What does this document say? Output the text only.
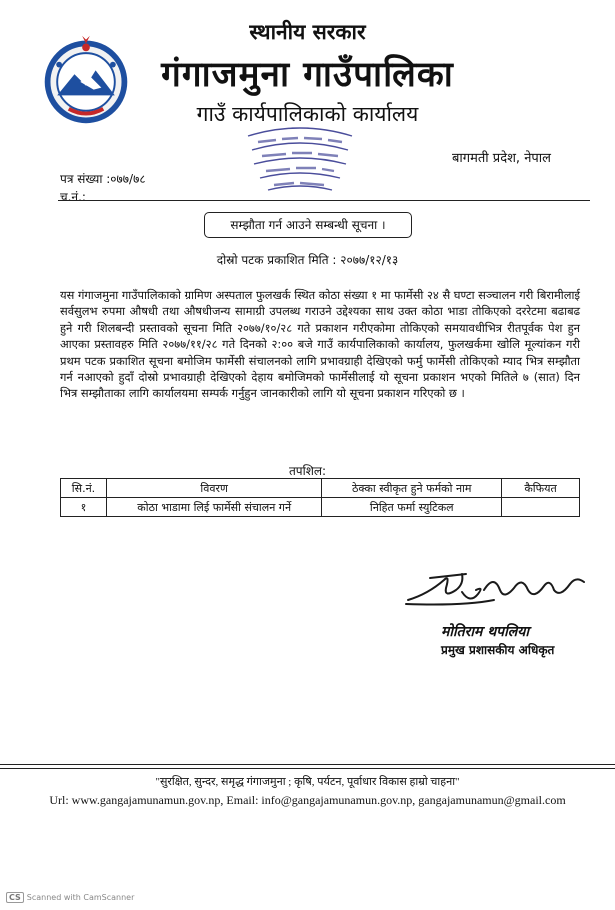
स्थानीय सरकार
गंगाजमुना गाउँपालिका
गाउँ कार्यपालिकाको कार्यालय
बागमती प्रदेश, नेपाल
पत्र संख्या :०७७/७८
च.नं.:
सम्झौता गर्न आउने सम्बन्धी सूचना ।
दोस्रो पटक प्रकाशित मिति : २०७७/१२/१३
यस गंगाजमुना गाउँपालिकाको ग्रामिण अस्पताल फुलखर्क स्थित कोठा संख्या १ मा फार्मेसी २४ सै घण्टा सञ्चालन गरी बिरामीलाई सर्वसुलभ रुपमा औषधी तथा औषधीजन्य सामाग्री उपलब्ध गराउने उद्देश्यका साथ उक्त कोठा भाडा तोकिएको दररेटमा बढाबढ हुने गरी शिलबन्दी प्रस्तावको सूचना मिति २०७७/१०/२८ गते प्रकाशन गरीएकोमा तोकिएको समयावधीभित्र रीतपूर्वक पेश हुन आएका प्रस्तावहरु मिति २०७७/११/२८ गते दिनको २:०० बजे गाउँ कार्यपालिकाको कार्यालय, फुलखर्कमा खोलि मूल्यांकन गरी प्रथम पटक प्रकाशित सूचना बमोजिम फार्मेसी संचालनको लागि प्रभावग्राही देखिएको फर्मु फार्मेसी तोकिएको म्याद भित्र सम्झौता गर्न नआएको हुदाँ दोस्रो प्रभावग्राही देखिएको देहाय बमोजिमको फार्मेसीलाई यो सूचना प्रकाशन भएको मितिले ७ (सात) दिन भित्र सम्झौताका लागि कार्यालयमा सम्पर्क गर्नुहुन जानकारीको लागि यो सूचना प्रकाशन गरिएको छ ।
तपशिल:
सि.नं.	विवरण	ठेक्का स्वीकृत हुने फर्मको नाम	कैफियत
१	कोठा भाडामा लिई फार्मेसी संचालन गर्ने	निहित फर्मा स्युटिकल	
मोतिराम थपलिया
प्रमुख प्रशासकीय अधिकृत
"सुरक्षित, सुन्दर, समृद्ध गंगाजमुना ; कृषि, पर्यटन, पूर्वाधार विकास हाम्रो चाहना"
Url: www.gangajamunamun.gov.np, Email: info@gangajamunamun.gov.np, gangajamunamun@gmail.com
CS Scanned with CamScanner
